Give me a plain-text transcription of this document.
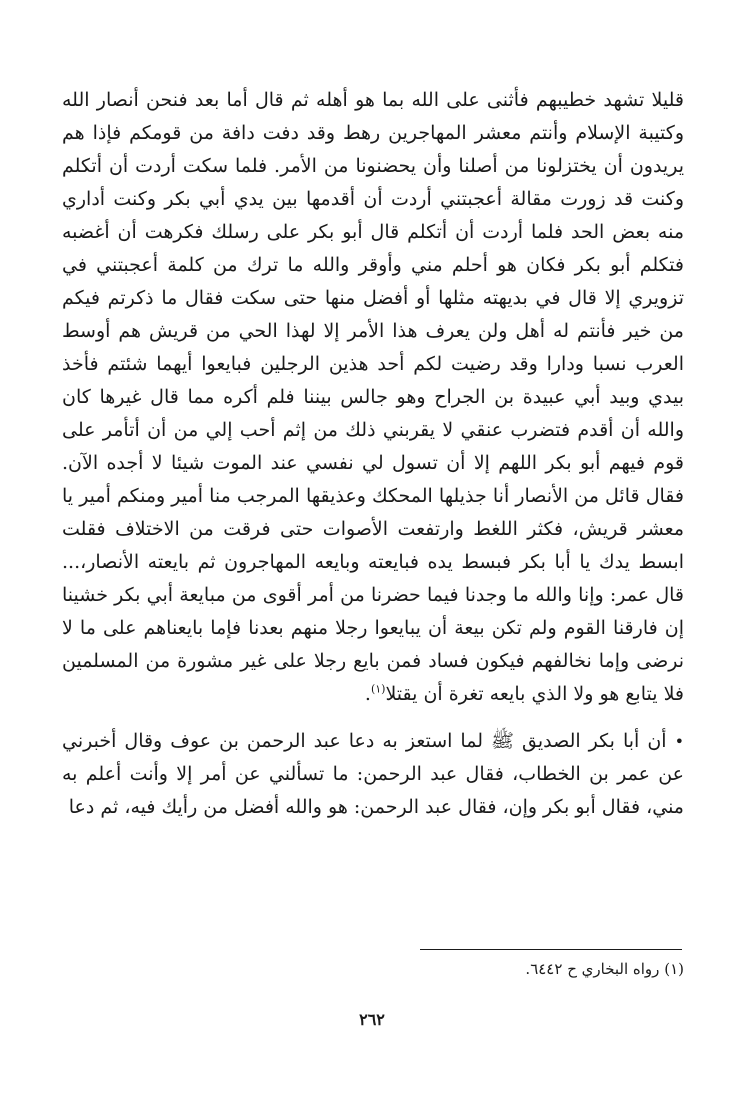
قليلا تشهد خطيبهم فأثنى على الله بما هو أهله ثم قال أما بعد فنحن أنصار الله وكتيبة الإسلام وأنتم معشر المهاجرين رهط وقد دفت دافة من قومكم فإذا هم يريدون أن يختزلونا من أصلنا وأن يحضنونا من الأمر. فلما سكت أردت أن أتكلم وكنت قد زورت مقالة أعجبتني أردت أن أقدمها بين يدي أبي بكر وكنت أداري منه بعض الحد فلما أردت أن أتكلم قال أبو بكر على رسلك فكرهت أن أغضبه فتكلم أبو بكر فكان هو أحلم مني وأوقر والله ما ترك من كلمة أعجبتني في تزويري إلا قال في بديهته مثلها أو أفضل منها حتى سكت فقال ما ذكرتم فيكم من خير فأنتم له أهل ولن يعرف هذا الأمر إلا لهذا الحي من قريش هم أوسط العرب نسبا ودارا وقد رضيت لكم أحد هذين الرجلين فبايعوا أيهما شئتم فأخذ بيدي وبيد أبي عبيدة بن الجراح وهو جالس بيننا فلم أكره مما قال غيرها كان والله أن أقدم فتضرب عنقي لا يقربني ذلك من إثم أحب إلي من أن أتأمر على قوم فيهم أبو بكر اللهم إلا أن تسول لي نفسي عند الموت شيئا لا أجده الآن. فقال قائل من الأنصار أنا جذيلها المحكك وعذيقها المرجب منا أمير ومنكم أمير يا معشر قريش، فكثر اللغط وارتفعت الأصوات حتى فرقت من الاختلاف فقلت ابسط يدك يا أبا بكر فبسط يده فبايعته وبايعه المهاجرون ثم بايعته الأنصار،... قال عمر: وإنا والله ما وجدنا فيما حضرنا من أمر أقوى من مبايعة أبي بكر خشينا إن فارقنا القوم ولم تكن بيعة أن يبايعوا رجلا منهم بعدنا فإما بايعناهم على ما لا نرضى وإما نخالفهم فيكون فساد فمن بايع رجلا على غير مشورة من المسلمين فلا يتابع هو ولا الذي بايعه تغرة أن يقتلا$^{(١)}$.

•أن أبا بكر الصديق ﷺ لما استعز به دعا عبد الرحمن بن عوف وقال أخبرني عن عمر بن الخطاب، فقال عبد الرحمن: ما تسألني عن أمر إلا وأنت أعلم به مني، فقال أبو بكر وإن، فقال عبد الرحمن: هو والله أفضل من رأيك فيه، ثم دعا

(١) رواه البخاري ح ٦٤٤٢.
٢٦٢
